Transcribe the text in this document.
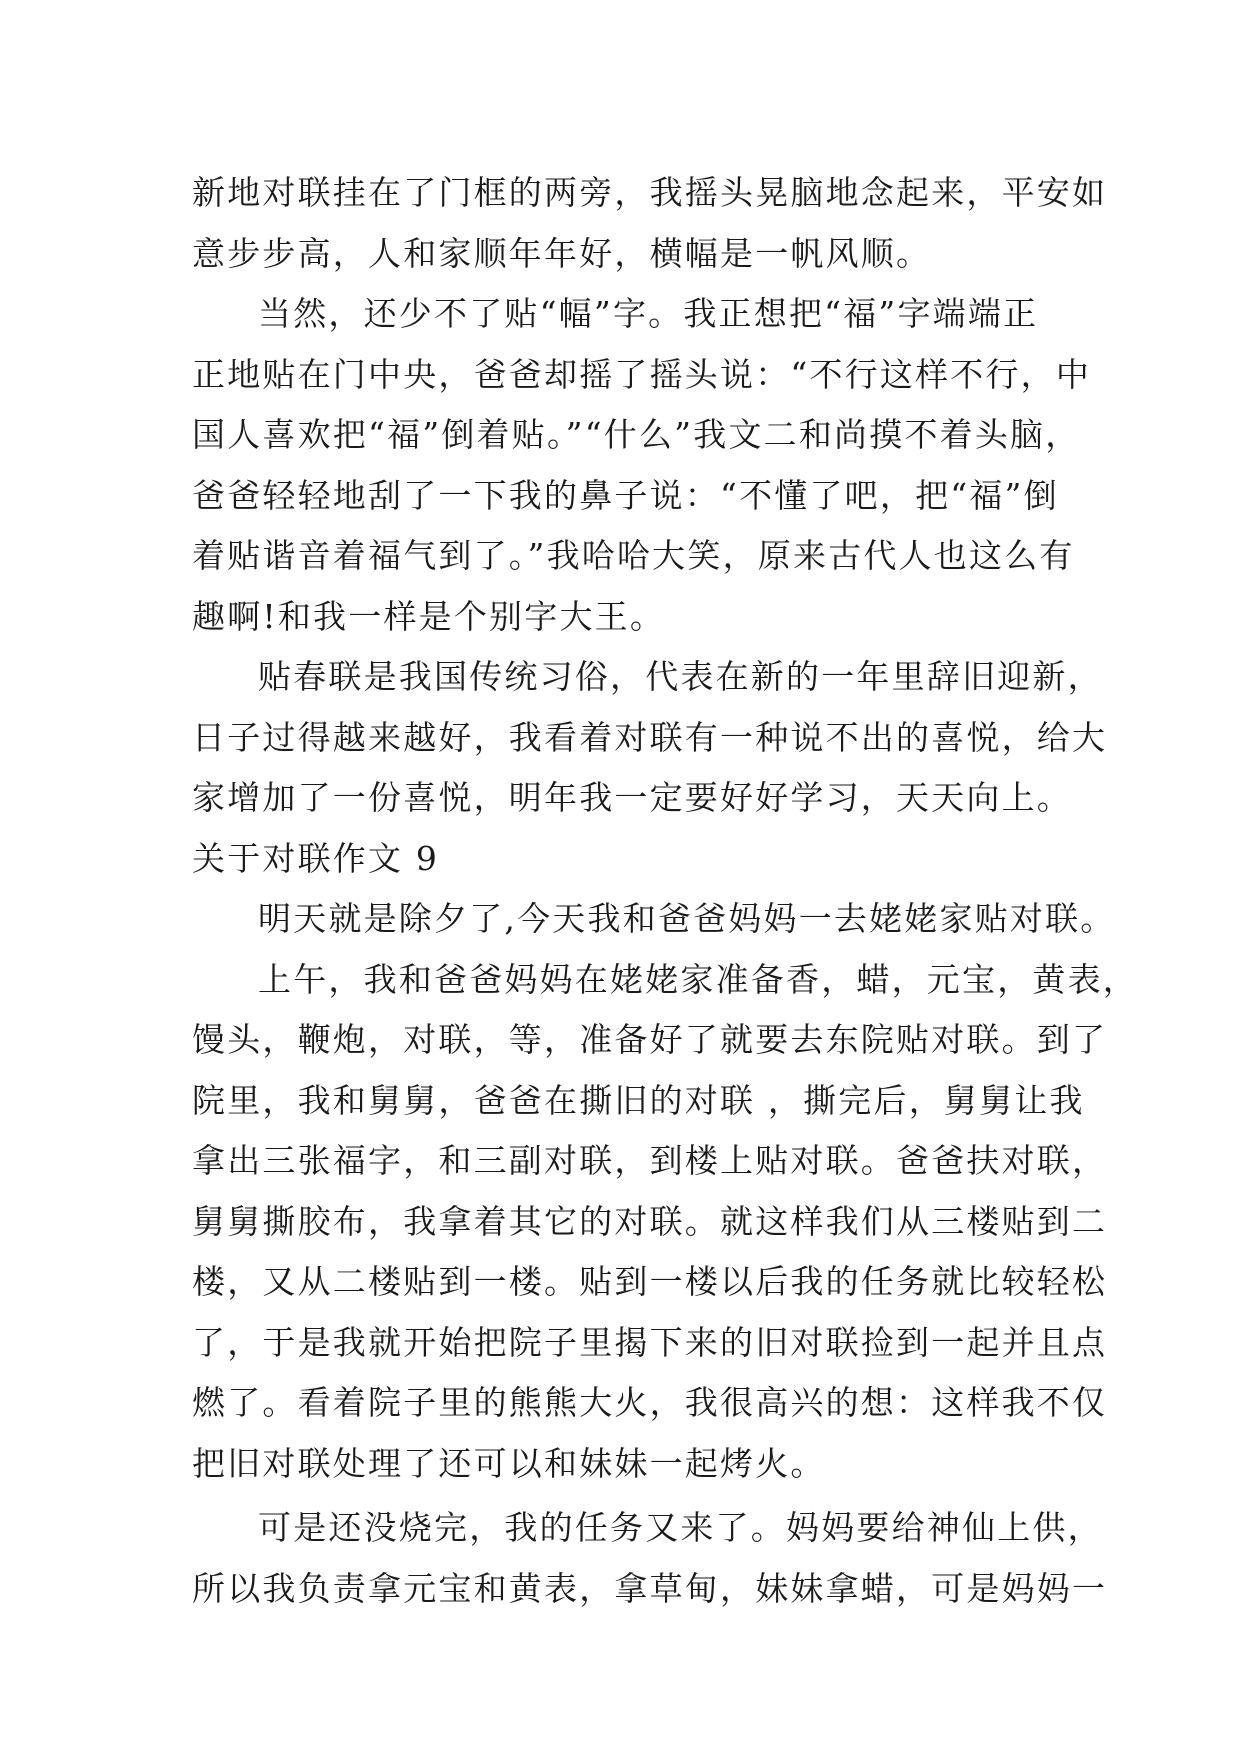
新地对联挂在了门框的两旁，我摇头晃脑地念起来，平安如
意步步高，人和家顺年年好，横幅是一帆风顺。
当然，还少不了贴“幅”字。我正想把“福”字端端正
正地贴在门中央，爸爸却摇了摇头说：“不行这样不行，中
国人喜欢把“福”倒着贴。”“什么”我文二和尚摸不着头脑，
爸爸轻轻地刮了一下我的鼻子说：“不懂了吧，把“福”倒
着贴谐音着福气到了。”我哈哈大笑，原来古代人也这么有
趣啊!和我一样是个别字大王。
贴春联是我国传统习俗，代表在新的一年里辞旧迎新，
日子过得越来越好，我看着对联有一种说不出的喜悦，给大
家增加了一份喜悦，明年我一定要好好学习，天天向上。
关于对联作文 9
明天就是除夕了,今天我和爸爸妈妈一去姥姥家贴对联。
上午，我和爸爸妈妈在姥姥家准备香，蜡，元宝，黄表，
馒头，鞭炮，对联，等，准备好了就要去东院贴对联。到了
院里，我和舅舅，爸爸在撕旧的对联 ，撕完后，舅舅让我
拿出三张福字，和三副对联，到楼上贴对联。爸爸扶对联，
舅舅撕胶布，我拿着其它的对联。就这样我们从三楼贴到二
楼，又从二楼贴到一楼。贴到一楼以后我的任务就比较轻松
了，于是我就开始把院子里揭下来的旧对联捡到一起并且点
燃了。看着院子里的熊熊大火，我很高兴的想：这样我不仅
把旧对联处理了还可以和妹妹一起烤火。
可是还没烧完，我的任务又来了。妈妈要给神仙上供，
所以我负责拿元宝和黄表，拿草甸，妹妹拿蜡，可是妈妈一
